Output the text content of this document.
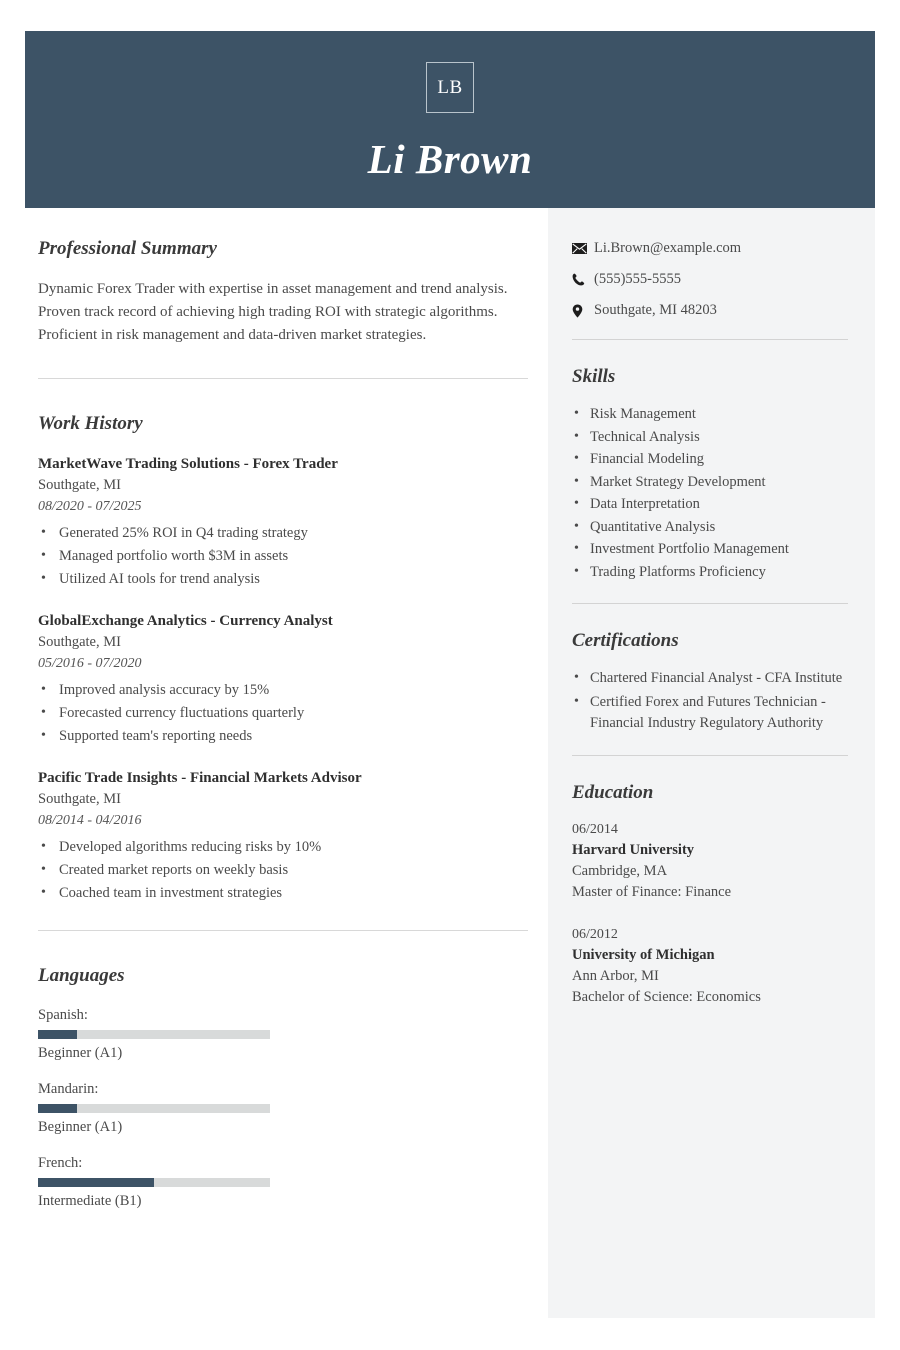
LB
Li Brown
Li.Brown@example.com
(555)555-5555
Southgate, MI 48203
Skills
• Risk Management
• Technical Analysis
• Financial Modeling
• Market Strategy Development
• Data Interpretation
• Quantitative Analysis
• Investment Portfolio Management
• Trading Platforms Proficiency
Certifications
• Chartered Financial Analyst - CFA Institute
• Certified Forex and Futures Technician - Financial Industry Regulatory Authority
Education
06/2014
Harvard University
Cambridge, MA
Master of Finance: Finance
06/2012
University of Michigan
Ann Arbor, MI
Bachelor of Science: Economics
Professional Summary
Dynamic Forex Trader with expertise in asset management and trend analysis. Proven track record of achieving high trading ROI with strategic algorithms. Proficient in risk management and data-driven market strategies.
Work History
MarketWave Trading Solutions - Forex Trader
Southgate, MI
08/2020 - 07/2025
• Generated 25% ROI in Q4 trading strategy
• Managed portfolio worth $3M in assets
• Utilized AI tools for trend analysis
GlobalExchange Analytics - Currency Analyst
Southgate, MI
05/2016 - 07/2020
• Improved analysis accuracy by 15%
• Forecasted currency fluctuations quarterly
• Supported team's reporting needs
Pacific Trade Insights - Financial Markets Advisor
Southgate, MI
08/2014 - 04/2016
• Developed algorithms reducing risks by 10%
• Created market reports on weekly basis
• Coached team in investment strategies
Languages
Spanish:
Beginner (A1)
Mandarin:
Beginner (A1)
French:
Intermediate (B1)
